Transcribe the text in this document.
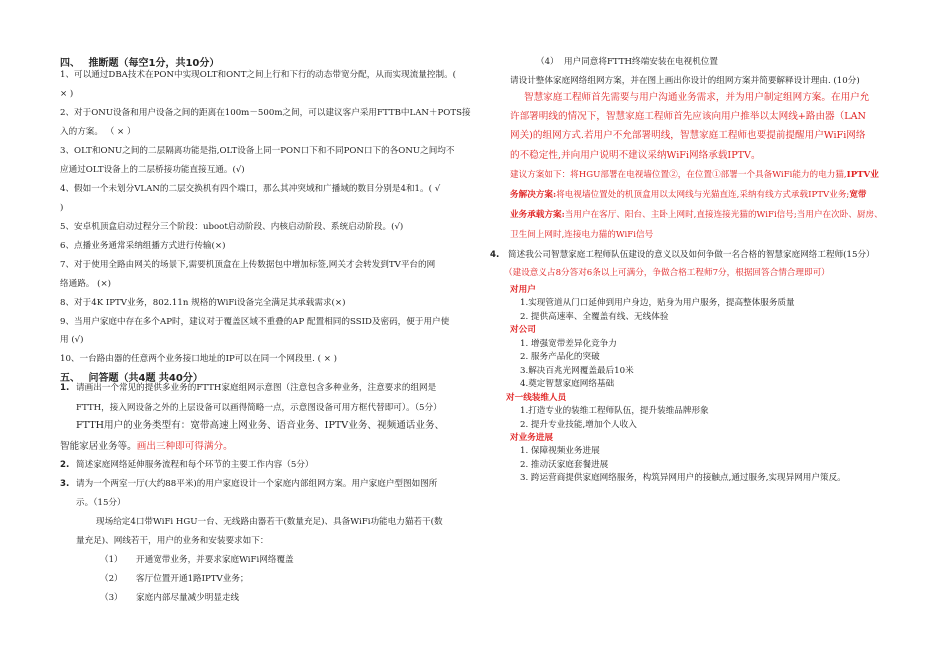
四、　 推断题（每空1分，共10分）
1、可以通过DBA技术在PON中实现OLT和ONT之间上行和下行的动态带宽分配，从而实现流量控制。(
× )
2、对于ONU设备和用户设备之间的距离在100m－500m之间，可以建议客户采用FTTB中LAN＋POTS接
入的方案。 （ × ）
3、OLT和ONU之间的二层隔离功能是指,OLT设备上同一PON口下和不同PON口下的各ONU之间均不
应通过OLT设备上的二层桥接功能直接互通。(√)
4、假如一个未划分VLAN的二层交换机有四个端口，那么其冲突域和广播域的数目分别是4和1。( √
)
5、安卓机顶盒启动过程分三个阶段：uboot启动阶段、内核启动阶段、系统启动阶段。(√)
6、点播业务通常采纳组播方式进行传输(×)
7、对于使用全路由网关的场景下,需要机顶盒在上传数据包中增加标签,网关才会转发到TV平台的网
络通路。 (×)
8、对于4K IPTV业务，802.11n 规格的WiFi设备完全满足其承载需求(×)
9、当用户家庭中存在多个AP时，建议对于覆盖区域不重叠的AP 配置相同的SSID及密码，便于用户使
用 (√)
10、一台路由器的任意两个业务接口地址的IP可以在同一个网段里. ( × )
五、　 问答题（共4题 共40分）
1. 请画出一个常见的提供多业务的FTTH家庭组网示意图（注意包含多种业务，注意要求的组网是
FTTH，接入网设备之外的上层设备可以画得简略一点，示意图设备可用方框代替即可）。（5分）
FTTH用户的业务类型有：宽带高速上网业务、语音业务、IPTV业务、视频通话业务、
智能家居业务等。画出三种即可得满分。
2. 简述家庭网络延伸服务流程和每个环节的主要工作内容（5分）
3. 请为一个两室一厅(大约88平米)的用户家庭设计一个家庭内部组网方案。用户家庭户型图如图所
示。（15分）
现场给定4口带WiFi HGU一台、无线路由器若干(数量充足)、具备WiFi功能电力猫若干(数
量充足)、网线若干，用户的业务和安装要求如下：
（1） 开通宽带业务，并要求家庭WiFi网络覆盖
（2） 客厅位置开通1路IPTV业务；
（3） 家庭内部尽量减少明显走线
（4） 用户同意将FTTH终端安装在电视机位置
请设计整体家庭网络组网方案，并在图上画出你设计的组网方案并简要解释设计理由. (10分)
智慧家庭工程师首先需要与用户沟通业务需求，并为用户制定组网方案。在用户允
许部署明线的情况下，智慧家庭工程师首先应该向用户推举以太网线+路由器（LAN
网关)的组网方式.若用户不允部署明线，智慧家庭工程师也要提前提醒用户WiFi网络
的不稳定性,并向用户说明不建议采纳WiFi网络承载IPTV。
建议方案如下：将HGU部署在电视墙位置②，在位置①部署一个具备WiFi能力的电力猫,IPTV业
务解决方案:将电视墙位置处的机顶盒用以太网线与光猫直连,采纳有线方式承载IPTV业务;宽带
业务承载方案:当用户在客厅、阳台、主卧上网时,直接连接光猫的WiFi信号;当用户在次卧、厨房、
卫生间上网时,连接电力猫的WiFi信号
4. 简述我公司智慧家庭工程师队伍建设的意义以及如何争做一名合格的智慧家庭网络工程师(15分）
（建设意义占8分答对6条以上可满分，争做合格工程师7分，根据回答合情合理即可）
对用户
1.实现管道从门口延伸到用户身边，贴身为用户服务，提高整体服务质量
2. 提供高速率、全覆盖有线、无线体验
对公司
1. 增强宽带差异化竞争力
2. 服务产品化的突破
3.解决百兆光网覆盖最后10米
4.奠定智慧家庭网络基础
对一线装维人员
1.打造专业的装维工程师队伍，提升装维品牌形象
2. 提升专业技能,增加个人收入
对业务进展
1. 保障视频业务进展
2. 推动沃家庭套餐进展
3. 跨运营商提供家庭网络服务，构筑异网用户的接触点,通过服务,实现异网用户策反。
